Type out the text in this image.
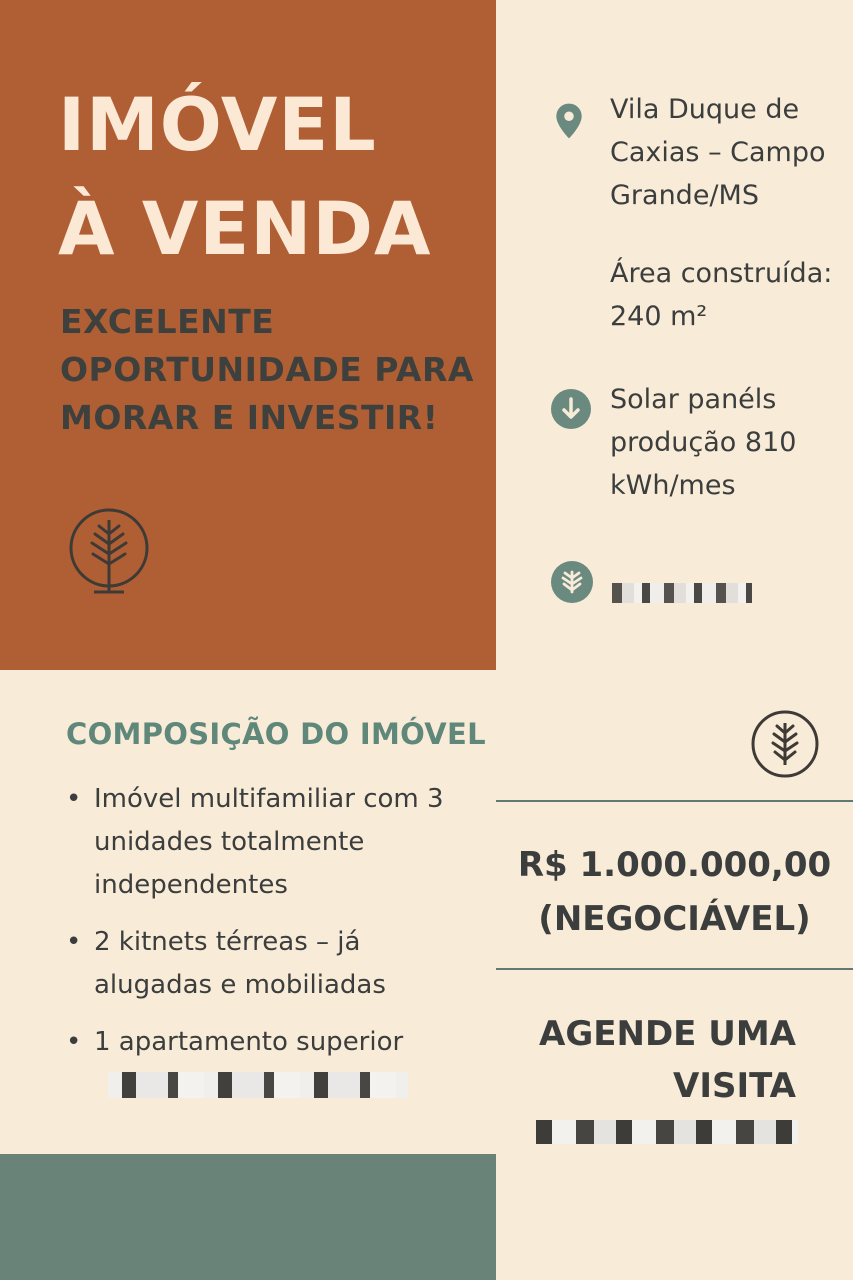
IMÓVEL
À VENDA
EXCELENTE
OPORTUNIDADE PARA
MORAR E INVESTIR!
Vila Duque de Caxias – Campo Grande/MS
Área construída: 240 m²
Solar panéls produção 810 kWh/mes
COMPOSIÇÃO DO IMÓVEL
• Imóvel multifamiliar com 3 unidades totalmente independentes
• 2 kitnets térreas – já alugadas e mobiliadas
• 1 apartamento superior

R$ 1.000.000,00
(NEGOCIÁVEL)

AGENDE UMA
VISITA
